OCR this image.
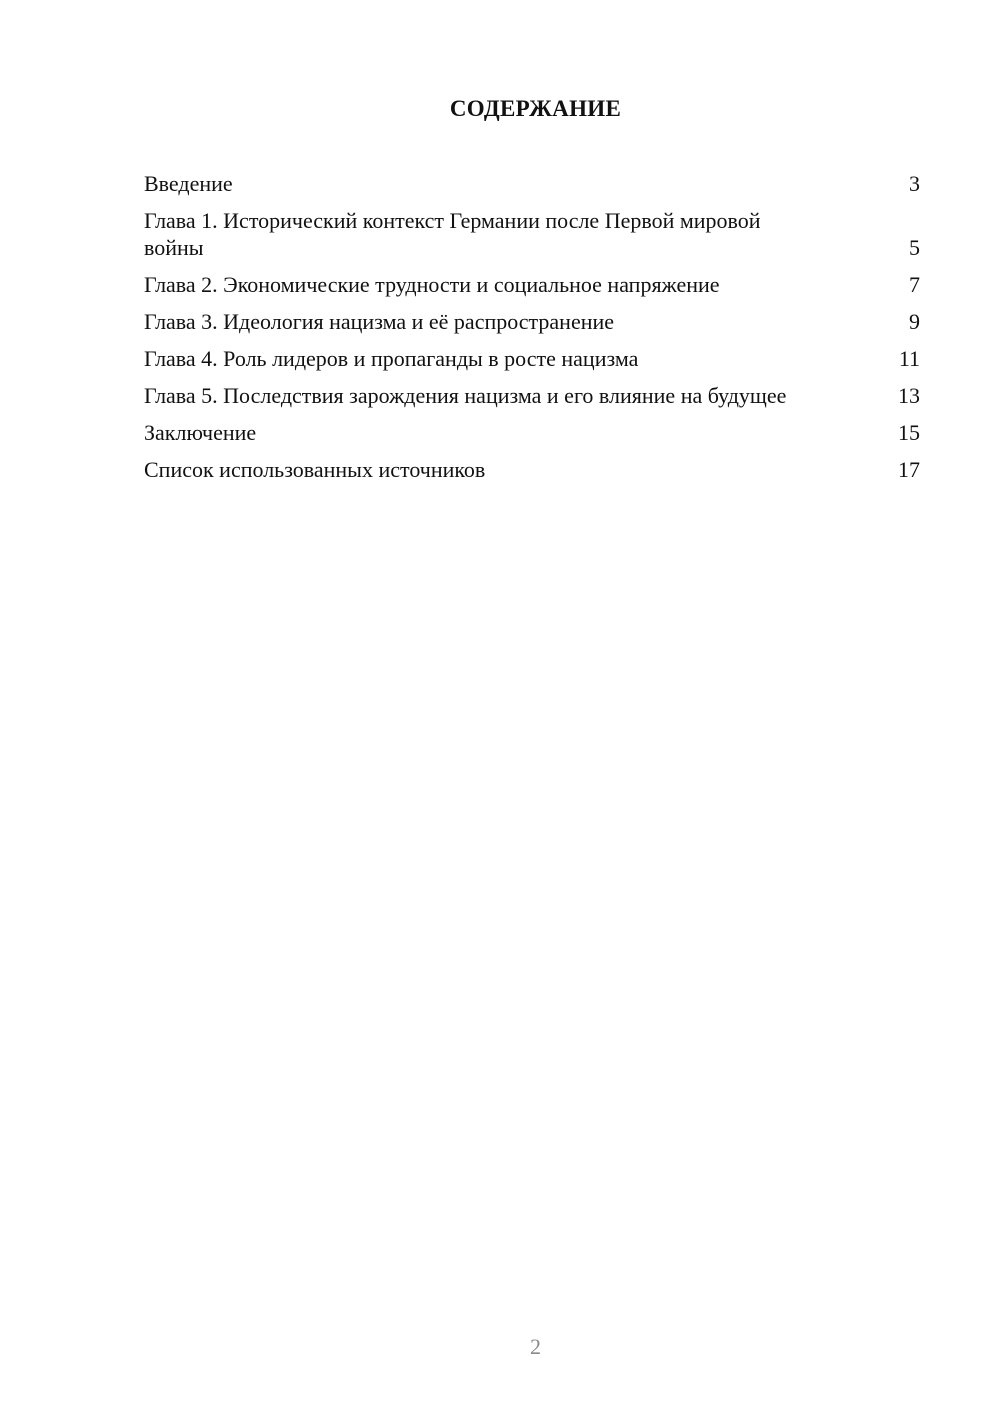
СОДЕРЖАНИЕ
Введение	3
Глава 1. Исторический контекст Германии после Первой мировой войны	5
Глава 2. Экономические трудности и социальное напряжение	7
Глава 3. Идеология нацизма и её распространение	9
Глава 4. Роль лидеров и пропаганды в росте нацизма	11
Глава 5. Последствия зарождения нацизма и его влияние на будущее	13
Заключение	15
Список использованных источников	17
2
